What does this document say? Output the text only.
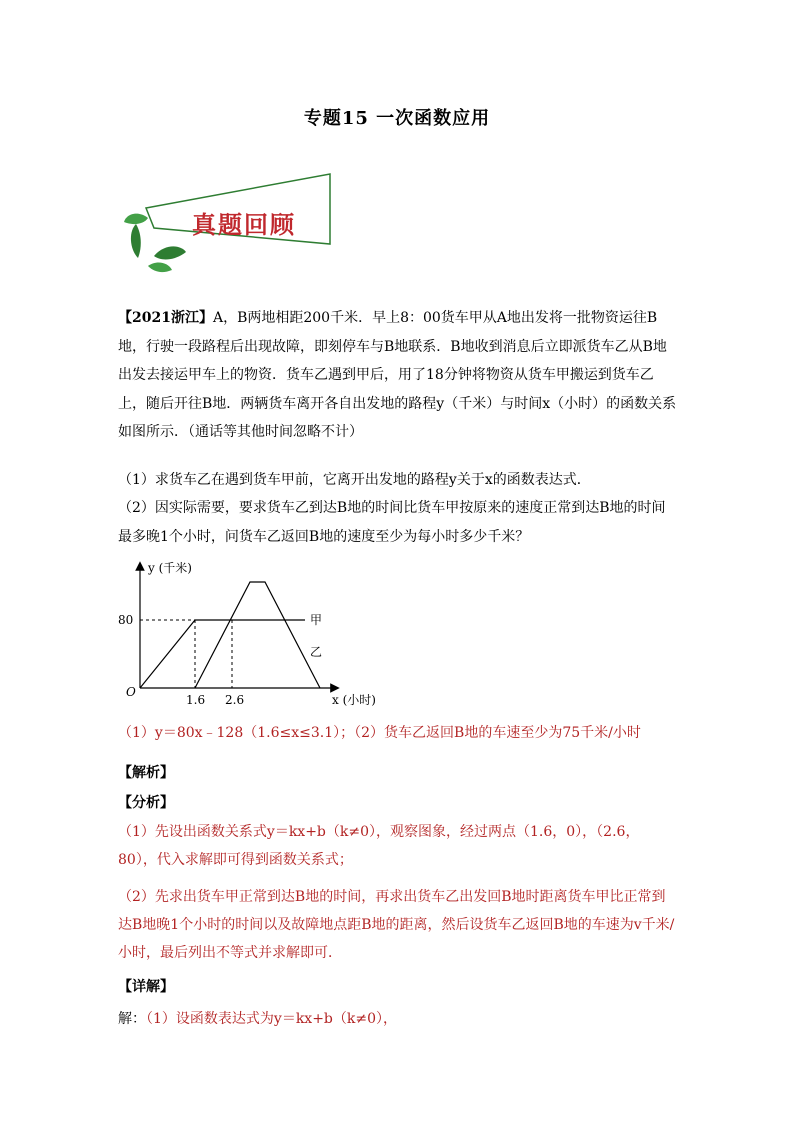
专题15 一次函数应用
真题回顾
【2021浙江】A，B两地相距200千米．早上8：00货车甲从A地出发将一批物资运往B地，行驶一段路程后出现故障，即刻停车与B地联系．B地收到消息后立即派货车乙从B地出发去接运甲车上的物资．货车乙遇到甲后，用了18分钟将物资从货车甲搬运到货车乙上，随后开往B地．两辆货车离开各自出发地的路程y（千米）与时间x（小时）的函数关系如图所示．（通话等其他时间忽略不计）
（1）求货车乙在遇到货车甲前，它离开出发地的路程y关于x的函数表达式．
（2）因实际需要，要求货车乙到达B地的时间比货车甲按原来的速度正常到达B地的时间最多晚1个小时，问货车乙返回B地的速度至少为每小时多少千米？
y (千米)
x (小时)
O
80
1.6 2.6
甲
乙
（1）y＝80x﹣128（1.6≤x≤3.1）；（2）货车乙返回B地的车速至少为75千米/小时
【解析】
【分析】
（1）先设出函数关系式y＝kx+b（k≠0），观察图象，经过两点（1.6，0），（2.6，80），代入求解即可得到函数关系式；
（2）先求出货车甲正常到达B地的时间，再求出货车乙出发回B地时距离货车甲比正常到达B地晚1个小时的时间以及故障地点距B地的距离，然后设货车乙返回B地的车速为v千米/小时，最后列出不等式并求解即可．
【详解】
解：（1）设函数表达式为y＝kx+b（k≠0），
